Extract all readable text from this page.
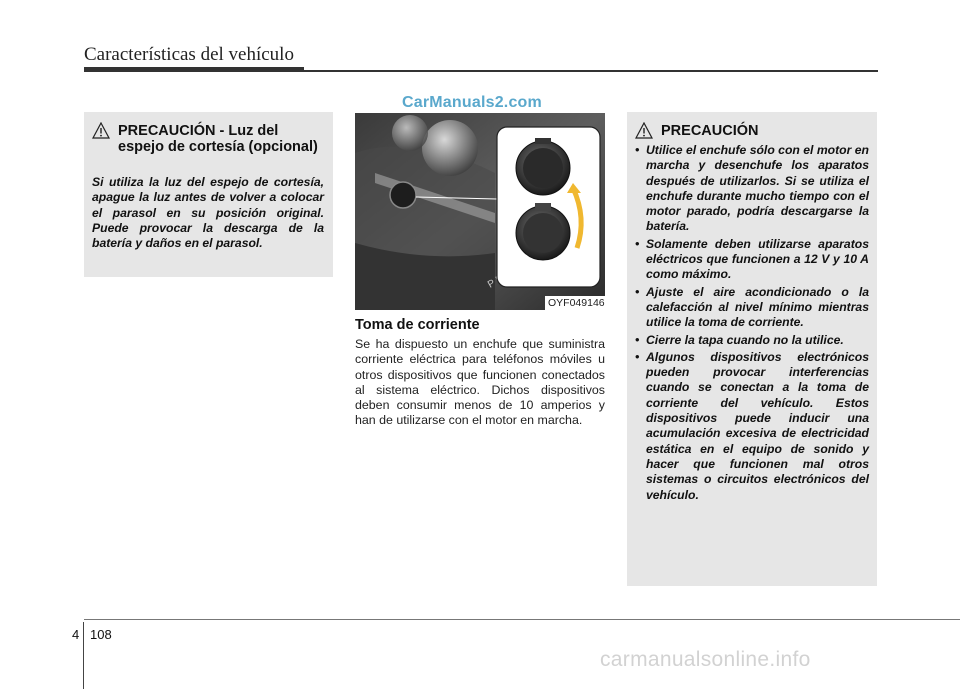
Características del vehículo
CarManuals2.com
PRECAUCIÓN - Luz del espejo de cortesía (opcional)
Si utiliza la luz del espejo de cortesía, apague la luz antes de volver a colocar el parasol en su posición original. Puede provocar la descarga de la batería y daños en el parasol.
P
OYF049146
Toma de corriente
Se ha dispuesto un enchufe que suministra corriente eléctrica para teléfonos móviles u otros dispositivos que funcionen conectados al sistema eléctrico. Dichos dispositivos deben consumir menos de 10 amperios y han de utilizarse con el motor en marcha.
PRECAUCIÓN
• Utilice el enchufe sólo con el motor en marcha y desenchufe los aparatos después de utilizarlos. Si se utiliza el enchufe durante mucho tiempo con el motor parado, podría descargarse la batería.
• Solamente deben utilizarse aparatos eléctricos que funcionen a 12 V y 10 A como máximo.
• Ajuste el aire acondicionado o la calefacción al nivel mínimo mientras utilice la toma de corriente.
• Cierre la tapa cuando no la utilice.
• Algunos dispositivos electrónicos pueden provocar interferencias cuando se conectan a la toma de corriente del vehículo. Estos dispositivos puede inducir una acumulación excesiva de electricidad estática en el equipo de sonido y hacer que funcionen mal otros sistemas o circuitos electrónicos del vehículo.
4 108
carmanualsonline.info
